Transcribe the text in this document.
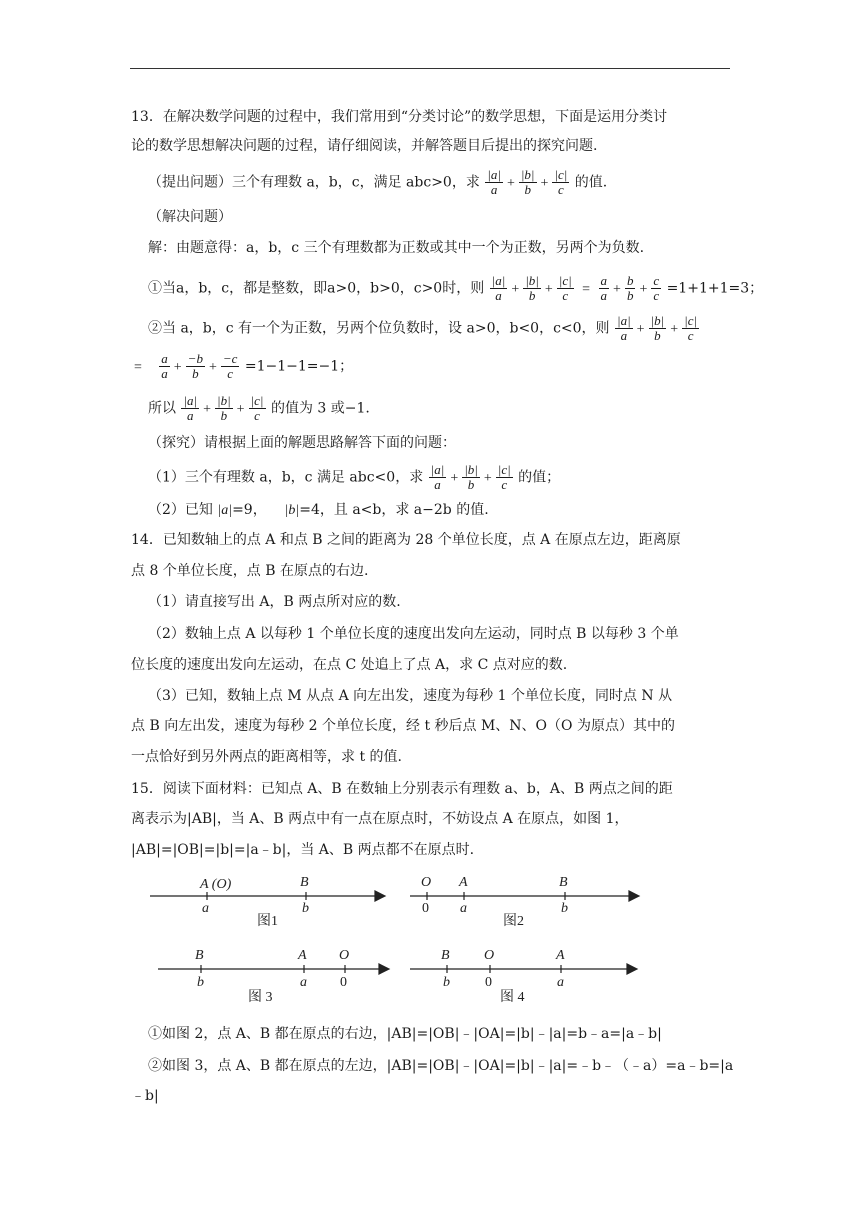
13．在解决数学问题的过程中，我们常用到“分类讨论”的数学思想，下面是运用分类讨
论的数学思想解决问题的过程，请仔细阅读，并解答题目后提出的探究问题.
（提出问题）三个有理数 a，b，c，满足 abc>0，求 $\frac{|a|}{a} + \frac{|b|}{b} + \frac{|c|}{c}$ 的值.
（解决问题）
解：由题意得：a，b，c 三个有理数都为正数或其中一个为正数，另两个为负数.
①当a，b，c，都是整数，即a>0，b>0，c>0时，则 $\frac{|a|}{a} + \frac{|b|}{b} + \frac{|c|}{c} = \frac{a}{a} + \frac{b}{b} + \frac{c}{c} =1+1+1=3$；
②当 a，b，c 有一个为正数，另两个位负数时，设 a>0，b<0，c<0，则 $\frac{|a|}{a} + \frac{|b|}{b} + \frac{|c|}{c}$
= $\frac{a}{a} + \frac{-b}{b} + \frac{-c}{c} =1-1-1=-1$；
所以 $\frac{|a|}{a} + \frac{|b|}{b} + \frac{|c|}{c}$ 的值为 3 或−1.
（探究）请根据上面的解题思路解答下面的问题：
（1）三个有理数 a，b，c 满足 abc<0，求 $\frac{|a|}{a} + \frac{|b|}{b} + \frac{|c|}{c}$ 的值；
（2）已知 |a|=9， |b|=4，且 a<b，求 a−2b 的值.
14．已知数轴上的点 A 和点 B 之间的距离为 28 个单位长度，点 A 在原点左边，距离原
点 8 个单位长度，点 B 在原点的右边.
（1）请直接写出 A，B 两点所对应的数.
（2）数轴上点 A 以每秒 1 个单位长度的速度出发向左运动，同时点 B 以每秒 3 个单
位长度的速度出发向左运动，在点 C 处追上了点 A，求 C 点对应的数.
（3）已知，数轴上点 M 从点 A 向左出发，速度为每秒 1 个单位长度，同时点 N 从
点 B 向左出发，速度为每秒 2 个单位长度，经 t 秒后点 M、N、O（O 为原点）其中的
一点恰好到另外两点的距离相等，求 t 的值.
15．阅读下面材料：已知点 A、B 在数轴上分别表示有理数 a、b，A、B 两点之间的距
离表示为|AB|，当 A、B 两点中有一点在原点时，不妨设点 A 在原点，如图 1，
|AB|=|OB|=|b|=|a﹣b|，当 A、B 两点都不在原点时.
A (O)
a
B
b
图1
O
0
A
a
B
b
图2
B
b
A
a
O
0
图 3
B
b
O
0
A
a
图 4
①如图 2，点 A、B 都在原点的右边，|AB|=|OB|﹣|OA|=|b|﹣|a|=b﹣a=|a﹣b|
②如图 3，点 A、B 都在原点的左边，|AB|=|OB|﹣|OA|=|b|﹣|a|=﹣b﹣（﹣a）=a﹣b=|a
﹣b|
